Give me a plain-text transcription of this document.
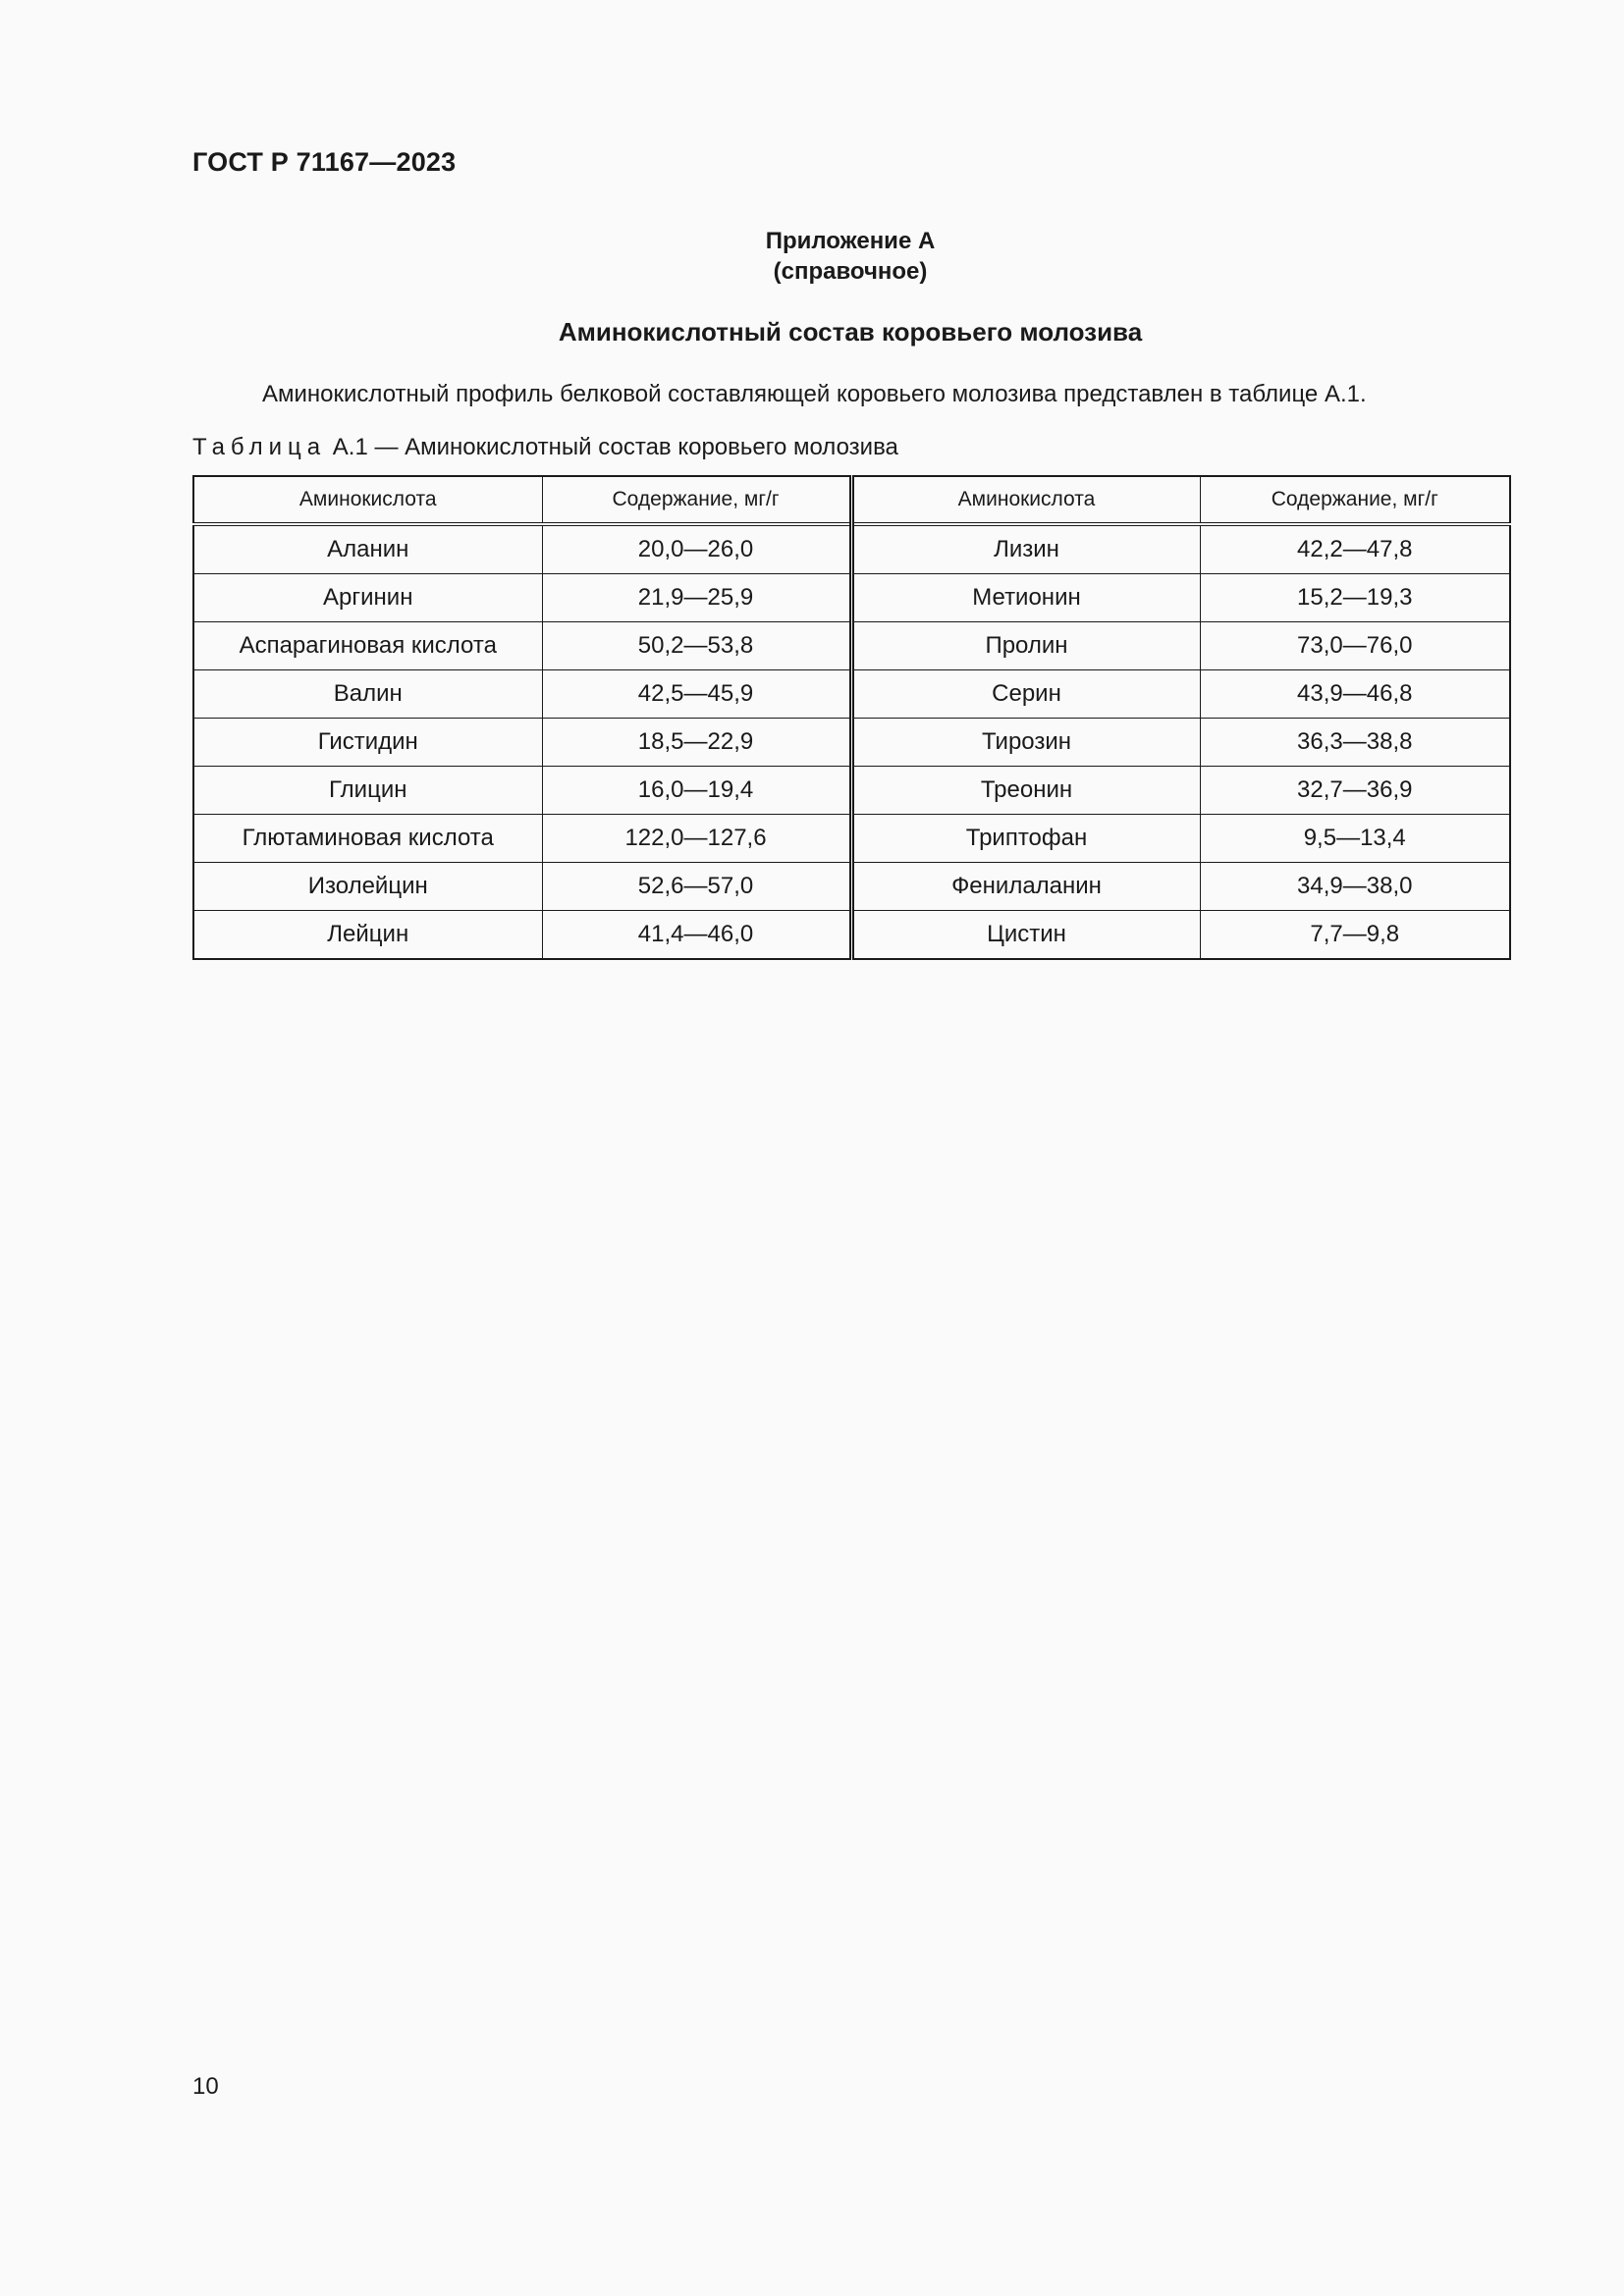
ГОСТ Р 71167—2023
Приложение А
(справочное)
Аминокислотный состав коровьего молозива
Аминокислотный профиль белковой составляющей коровьего молозива представлен в таблице А.1.
Таблица А.1 — Аминокислотный состав коровьего молозива
Аминокислота	Содержание, мг/г	Аминокислота	Содержание, мг/г
Аланин	20,0—26,0	Лизин	42,2—47,8
Аргинин	21,9—25,9	Метионин	15,2—19,3
Аспарагиновая кислота	50,2—53,8	Пролин	73,0—76,0
Валин	42,5—45,9	Серин	43,9—46,8
Гистидин	18,5—22,9	Тирозин	36,3—38,8
Глицин	16,0—19,4	Треонин	32,7—36,9
Глютаминовая кислота	122,0—127,6	Триптофан	9,5—13,4
Изолейцин	52,6—57,0	Фенилаланин	34,9—38,0
Лейцин	41,4—46,0	Цистин	7,7—9,8
10
